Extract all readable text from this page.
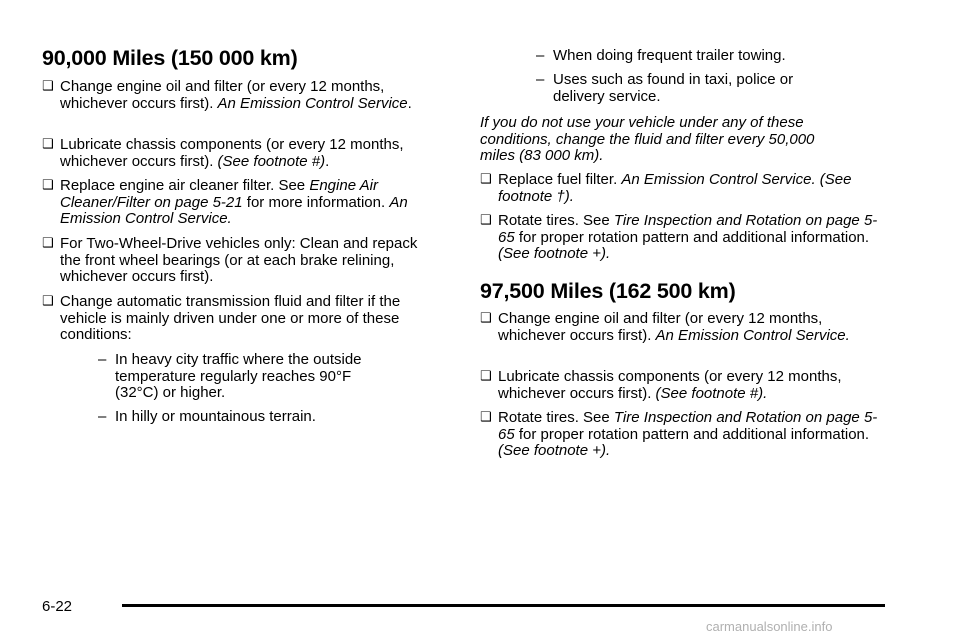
90,000 Miles (150 000 km)
❑ Change engine oil and filter (or every 12 months, whichever occurs first). An Emission Control Service.
❑ Lubricate chassis components (or every 12 months, whichever occurs first). (See footnote #).
❑ Replace engine air cleaner filter. See Engine Air Cleaner/Filter on page 5-21 for more information. An Emission Control Service.
❑ For Two-Wheel-Drive vehicles only: Clean and repack the front wheel bearings (or at each brake relining, whichever occurs first).
❑ Change automatic transmission fluid and filter if the vehicle is mainly driven under one or more of these conditions:
– In heavy city traffic where the outside temperature regularly reaches 90°F (32°C) or higher.
– In hilly or mountainous terrain.
– When doing frequent trailer towing.
– Uses such as found in taxi, police or delivery service.
If you do not use your vehicle under any of these conditions, change the fluid and filter every 50,000 miles (83 000 km).
❑ Replace fuel filter. An Emission Control Service. (See footnote †).
❑ Rotate tires. See Tire Inspection and Rotation on page 5-65 for proper rotation pattern and additional information. (See footnote +).
97,500 Miles (162 500 km)
❑ Change engine oil and filter (or every 12 months, whichever occurs first). An Emission Control Service.
❑ Lubricate chassis components (or every 12 months, whichever occurs first). (See footnote #).
❑ Rotate tires. See Tire Inspection and Rotation on page 5-65 for proper rotation pattern and additional information. (See footnote +).
6-22
carmanualsonline.info
